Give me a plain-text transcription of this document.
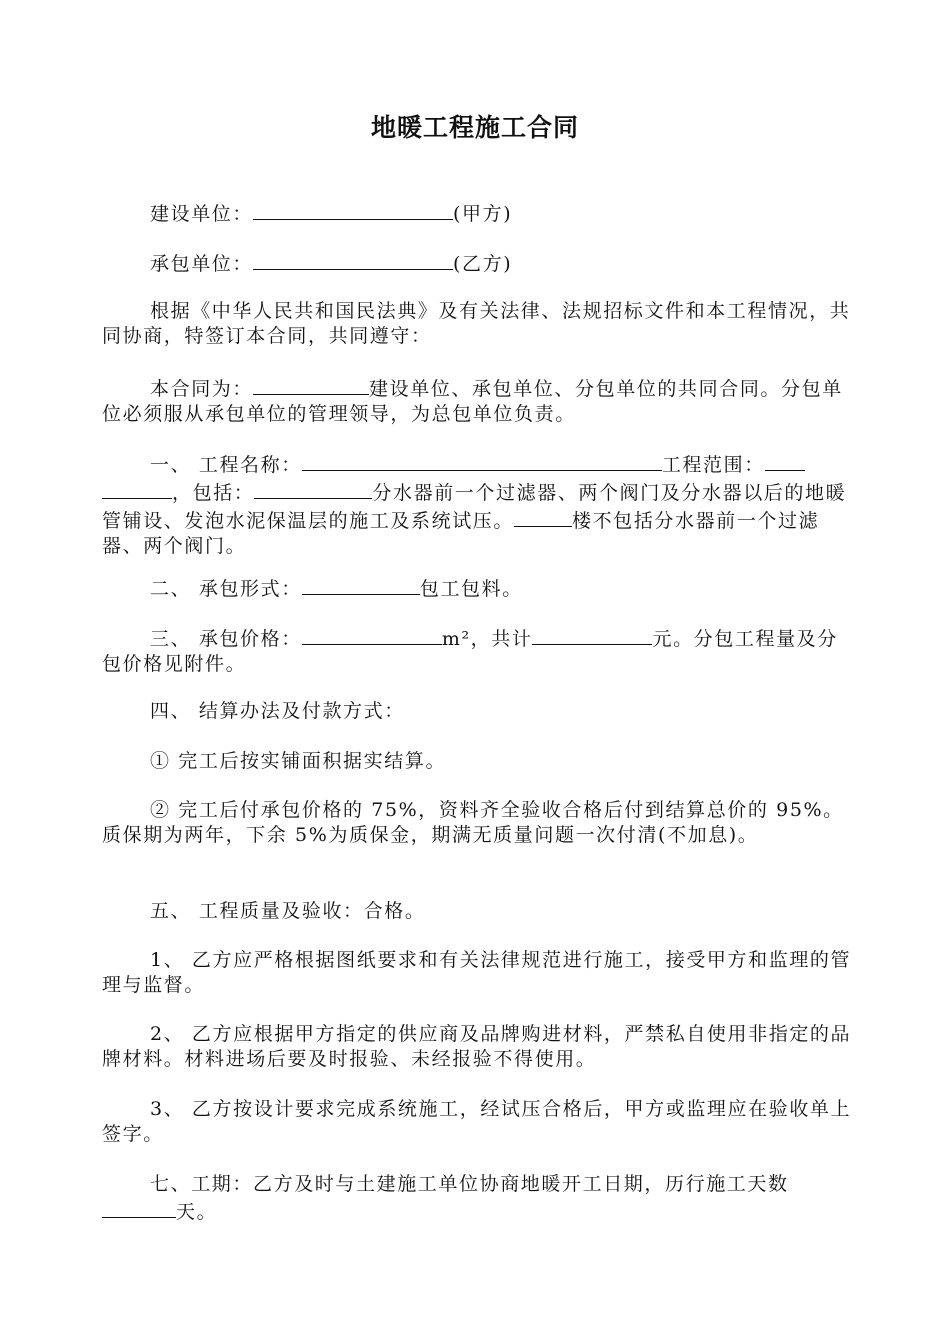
地暖工程施工合同
建设单位：	(甲方)
承包单位：	(乙方)
根据《中华人民共和国民法典》及有关法律、法规招标文件和本工程情况，共同协商，特签订本合同，共同遵守：
本合同为：	建设单位、承包单位、分包单位的共同合同。分包单位必须服从承包单位的管理领导，为总包单位负责。
一、 工程名称：	工程范围：，包括：	分水器前一个过滤器、两个阀门及分水器以后的地暖管铺设、发泡水泥保温层的施工及系统试压。	楼不包括分水器前一个过滤器、两个阀门。
二、 承包形式：	包工包料。
三、 承包价格：	m²，共计	元。分包工程量及分包价格见附件。
四、 结算办法及付款方式：
① 完工后按实铺面积据实结算。
② 完工后付承包价格的 75%，资料齐全验收合格后付到结算总价的 95%。质保期为两年，下余 5%为质保金，期满无质量问题一次付清(不加息)。
五、 工程质量及验收：合格。
1、 乙方应严格根据图纸要求和有关法律规范进行施工，接受甲方和监理的管理与监督。
2、 乙方应根据甲方指定的供应商及品牌购进材料，严禁私自使用非指定的品牌材料。材料进场后要及时报验、未经报验不得使用。
3、 乙方按设计要求完成系统施工，经试压合格后，甲方或监理应在验收单上签字。
七、工期：乙方及时与土建施工单位协商地暖开工日期，历行施工天数天。
